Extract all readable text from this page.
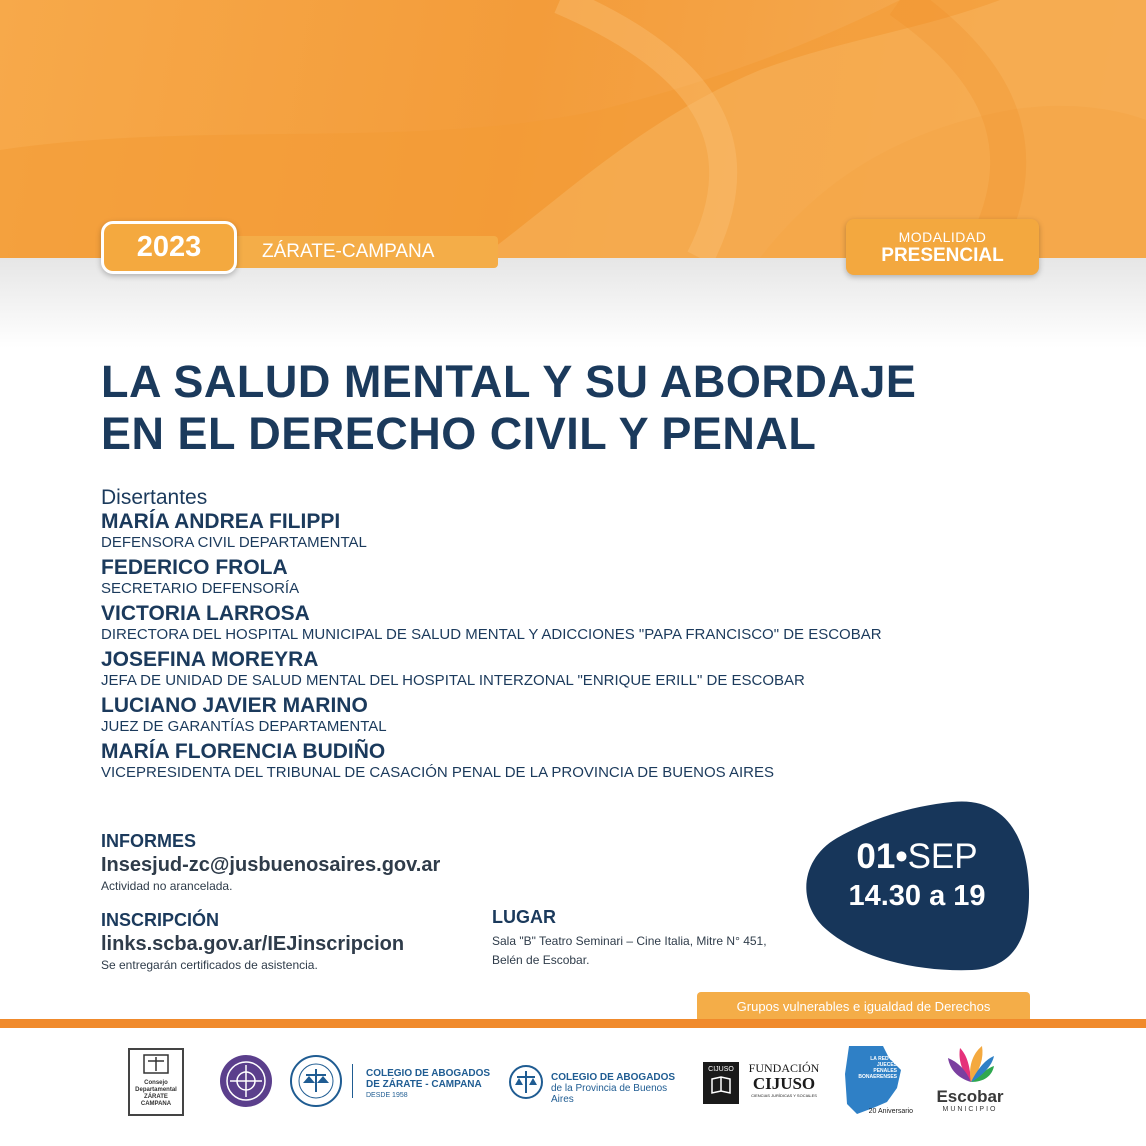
ZÁRATE-CAMPANA
2023	MODALIDAD
PRESENCIAL
LA SALUD MENTAL Y SU ABORDAJE
EN EL DERECHO CIVIL Y PENAL
Disertantes
MARÍA ANDREA FILIPPI
DEFENSORA CIVIL DEPARTAMENTAL
FEDERICO FROLA
SECRETARIO DEFENSORÍA
VICTORIA LARROSA
DIRECTORA DEL HOSPITAL MUNICIPAL DE SALUD MENTAL Y ADICCIONES "PAPA FRANCISCO" DE ESCOBAR
JOSEFINA MOREYRA
JEFA DE UNIDAD DE SALUD MENTAL DEL HOSPITAL INTERZONAL "ENRIQUE ERILL" DE ESCOBAR
LUCIANO JAVIER MARINO
JUEZ DE GARANTÍAS DEPARTAMENTAL
MARÍA FLORENCIA BUDIÑO
VICEPRESIDENTA DEL TRIBUNAL DE CASACIÓN PENAL DE LA PROVINCIA DE BUENOS AIRES
INFORMES
Insesjud-zc@jusbuenosaires.gov.ar
Actividad no arancelada.
INSCRIPCIÓN
links.scba.gov.ar/IEJinscripcion
Se entregarán certificados de asistencia.
LUGAR
Sala "B" Teatro Seminari – Cine Italia, Mitre N° 451,
Belén de Escobar.
01•SEP
14.30 a 19
Grupos vulnerables e igualdad de Derechos
Consejo
Departamental
ZÁRATE
CAMPANA
COLEGIO DE ABOGADOS
DE ZÁRATE - CAMPANA
DESDE 1958
COLEGIO DE ABOGADOS
de la Provincia de Buenos Aires
CIJUSO	FUNDACIÓN
CIJUSO
CIENCIAS JURÍDICAS Y SOCIALES
LA RED DE
JUECES
PENALES
BONAERENSES
20 Aniversario
Escobar
MUNICIPIO
